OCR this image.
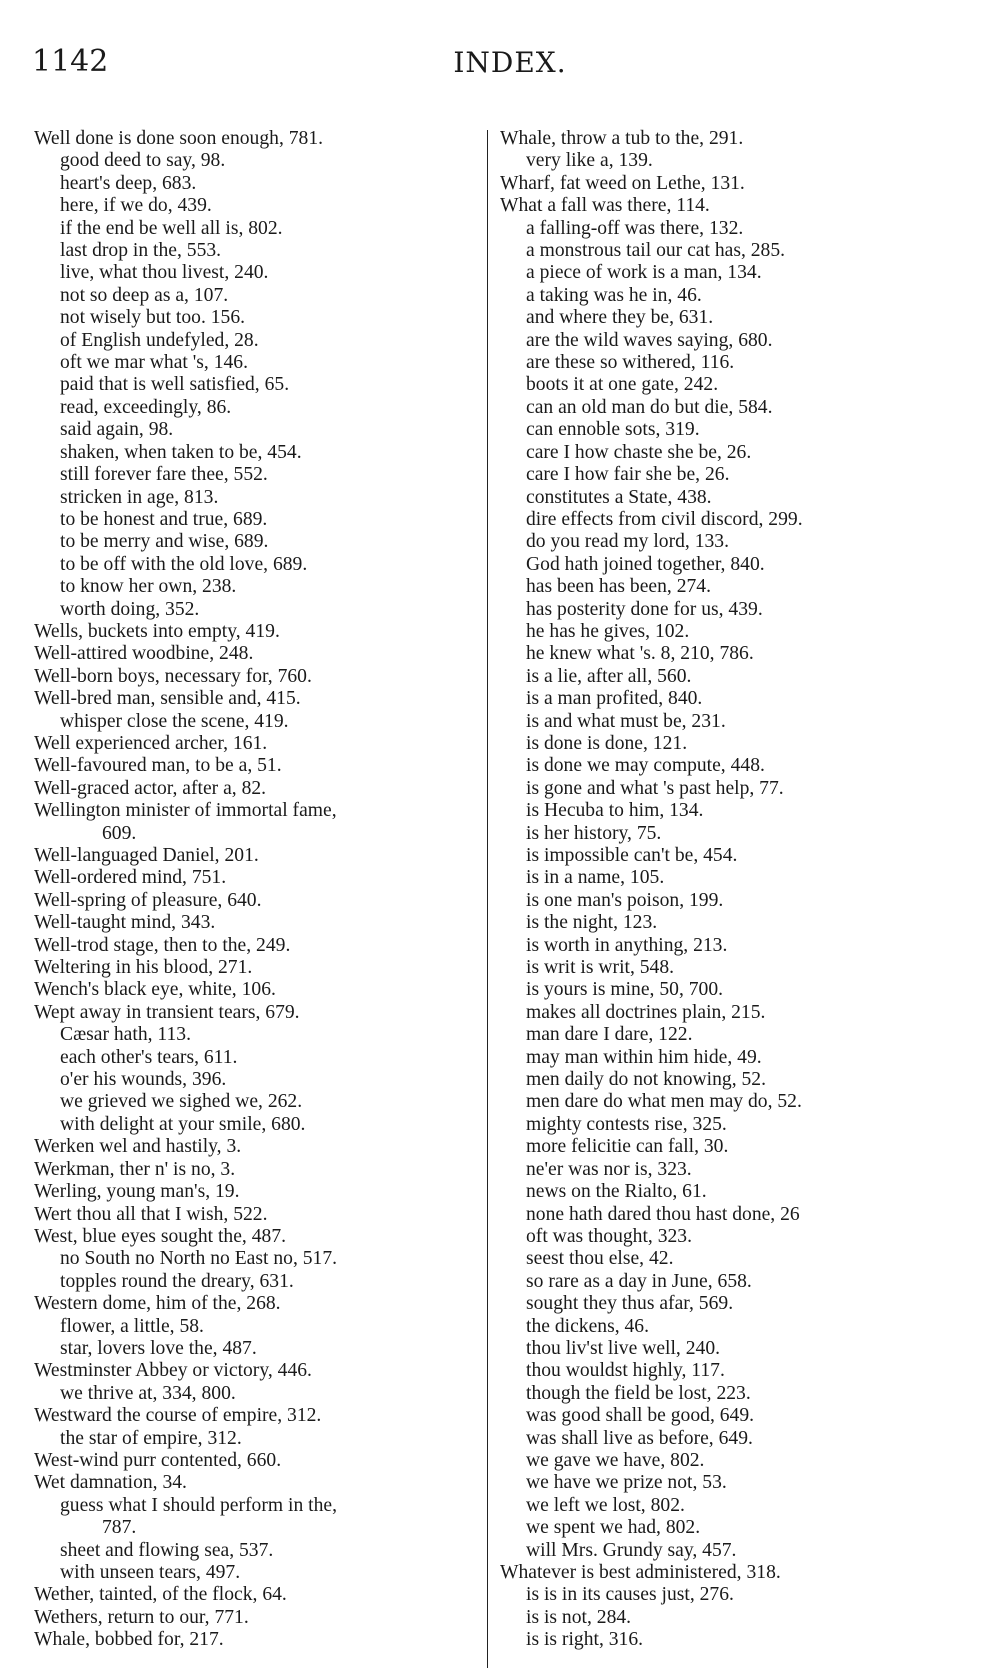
1142	INDEX.
Well done is done soon enough, 781.
good deed to say, 98.
heart's deep, 683.
here, if we do, 439.
if the end be well all is, 802.
last drop in the, 553.
live, what thou livest, 240.
not so deep as a, 107.
not wisely but too. 156.
of English undefyled, 28.
oft we mar what 's, 146.
paid that is well satisfied, 65.
read, exceedingly, 86.
said again, 98.
shaken, when taken to be, 454.
still forever fare thee, 552.
stricken in age, 813.
to be honest and true, 689.
to be merry and wise, 689.
to be off with the old love, 689.
to know her own, 238.
worth doing, 352.
Wells, buckets into empty, 419.
Well-attired woodbine, 248.
Well-born boys, necessary for, 760.
Well-bred man, sensible and, 415.
whisper close the scene, 419.
Well experienced archer, 161.
Well-favoured man, to be a, 51.
Well-graced actor, after a, 82.
Wellington minister of immortal fame,
609.
Well-languaged Daniel, 201.
Well-ordered mind, 751.
Well-spring of pleasure, 640.
Well-taught mind, 343.
Well-trod stage, then to the, 249.
Weltering in his blood, 271.
Wench's black eye, white, 106.
Wept away in transient tears, 679.
Cæsar hath, 113.
each other's tears, 611.
o'er his wounds, 396.
we grieved we sighed we, 262.
with delight at your smile, 680.
Werken wel and hastily, 3.
Werkman, ther n' is no, 3.
Werling, young man's, 19.
Wert thou all that I wish, 522.
West, blue eyes sought the, 487.
no South no North no East no, 517.
topples round the dreary, 631.
Western dome, him of the, 268.
flower, a little, 58.
star, lovers love the, 487.
Westminster Abbey or victory, 446.
we thrive at, 334, 800.
Westward the course of empire, 312.
the star of empire, 312.
West-wind purr contented, 660.
Wet damnation, 34.
guess what I should perform in the,
787.
sheet and flowing sea, 537.
with unseen tears, 497.
Wether, tainted, of the flock, 64.
Wethers, return to our, 771.
Whale, bobbed for, 217.
Whale, throw a tub to the, 291.
very like a, 139.
Wharf, fat weed on Lethe, 131.
What a fall was there, 114.
a falling-off was there, 132.
a monstrous tail our cat has, 285.
a piece of work is a man, 134.
a taking was he in, 46.
and where they be, 631.
are the wild waves saying, 680.
are these so withered, 116.
boots it at one gate, 242.
can an old man do but die, 584.
can ennoble sots, 319.
care I how chaste she be, 26.
care I how fair she be, 26.
constitutes a State, 438.
dire effects from civil discord, 299.
do you read my lord, 133.
God hath joined together, 840.
has been has been, 274.
has posterity done for us, 439.
he has he gives, 102.
he knew what 's. 8, 210, 786.
is a lie, after all, 560.
is a man profited, 840.
is and what must be, 231.
is done is done, 121.
is done we may compute, 448.
is gone and what 's past help, 77.
is Hecuba to him, 134.
is her history, 75.
is impossible can't be, 454.
is in a name, 105.
is one man's poison, 199.
is the night, 123.
is worth in anything, 213.
is writ is writ, 548.
is yours is mine, 50, 700.
makes all doctrines plain, 215.
man dare I dare, 122.
may man within him hide, 49.
men daily do not knowing, 52.
men dare do what men may do, 52.
mighty contests rise, 325.
more felicitie can fall, 30.
ne'er was nor is, 323.
news on the Rialto, 61.
none hath dared thou hast done, 26
oft was thought, 323.
seest thou else, 42.
so rare as a day in June, 658.
sought they thus afar, 569.
the dickens, 46.
thou liv'st live well, 240.
thou wouldst highly, 117.
though the field be lost, 223.
was good shall be good, 649.
was shall live as before, 649.
we gave we have, 802.
we have we prize not, 53.
we left we lost, 802.
we spent we had, 802.
will Mrs. Grundy say, 457.
Whatever is best administered, 318.
is is in its causes just, 276.
is is not, 284.
is is right, 316.
